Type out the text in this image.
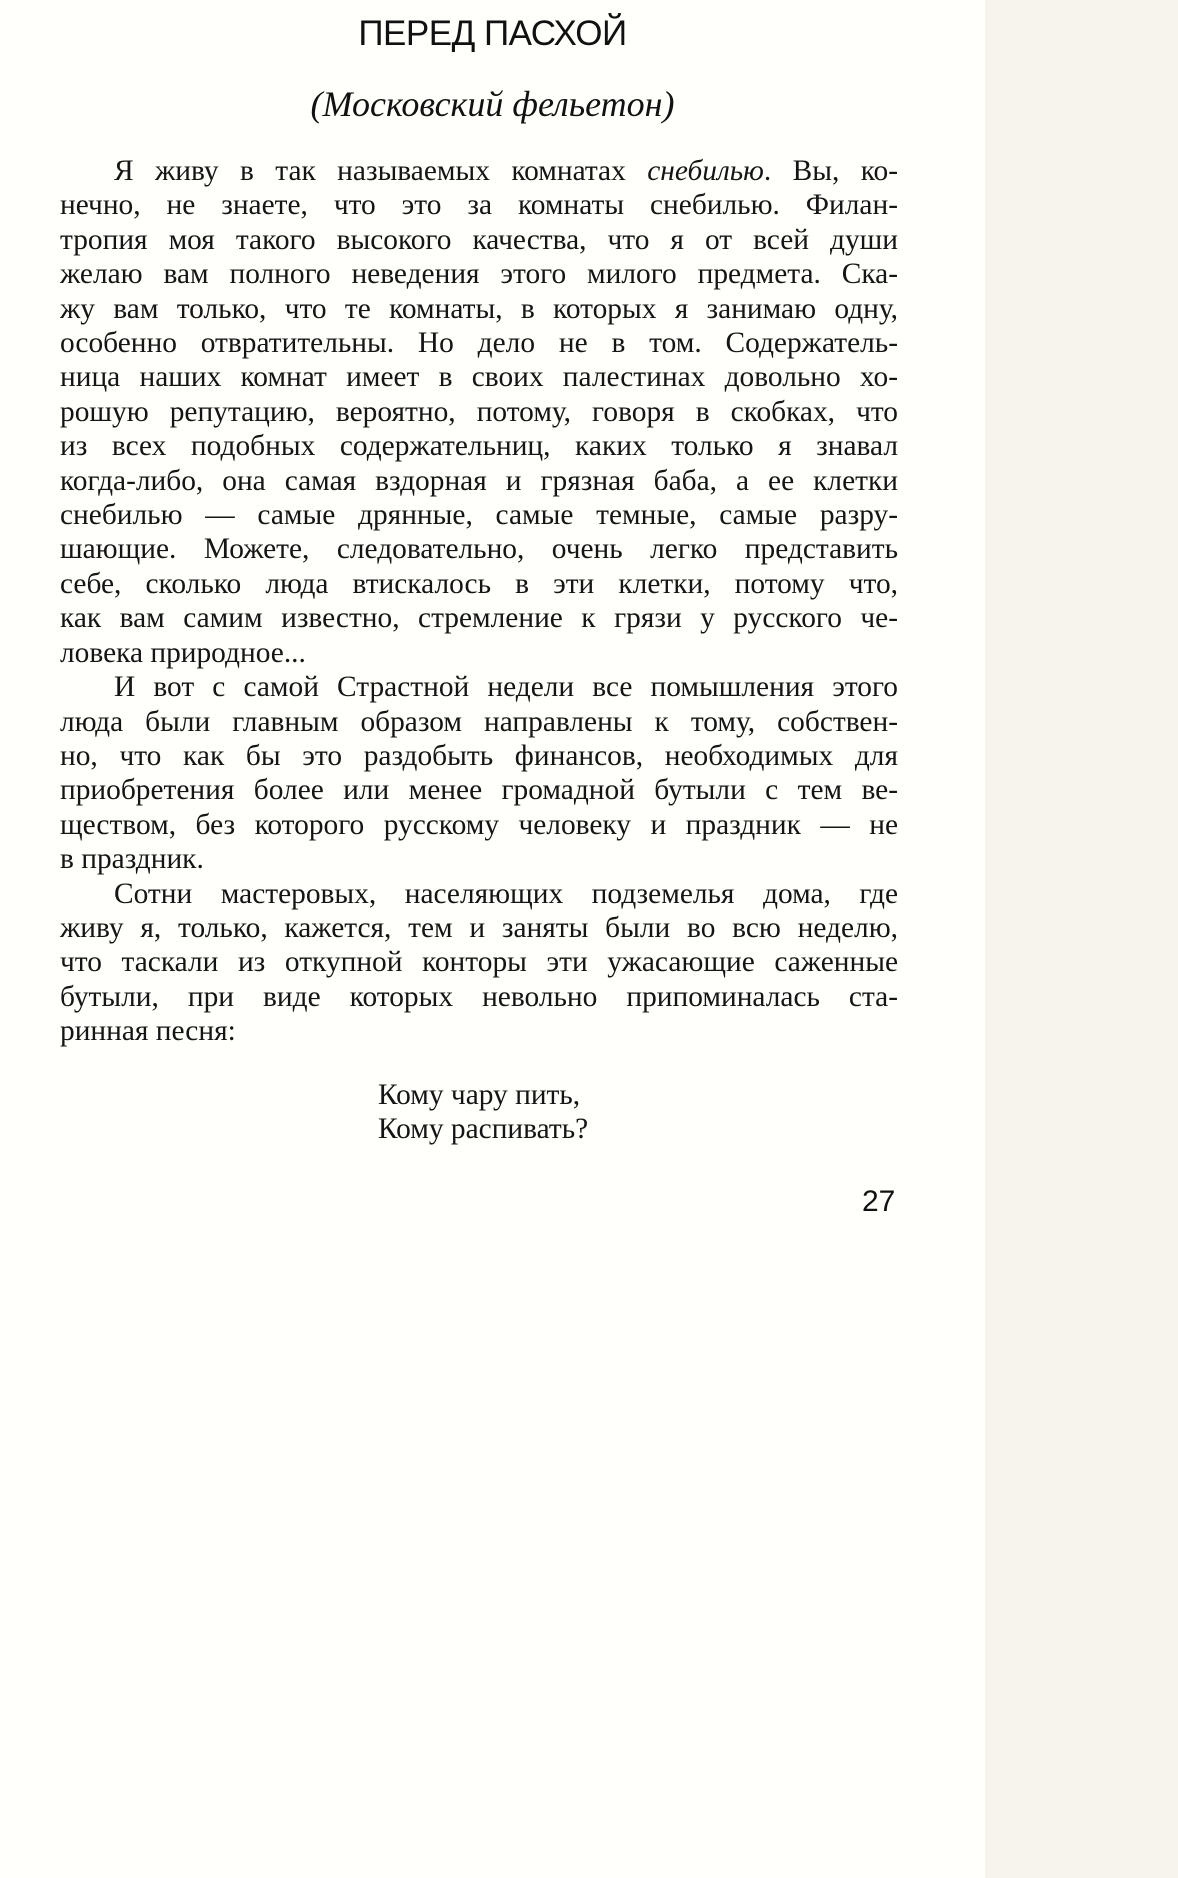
ПЕРЕД ПАСХОЙ
(Московский фельетон)

Я живу в так называемых комнатах снебилью. Вы, ко-
нечно, не знаете, что это за комнаты снебилью. Филан-
тропия моя такого высокого качества, что я от всей души
желаю вам полного неведения этого милого предмета. Ска-
жу вам только, что те комнаты, в которых я занимаю одну,
особенно отвратительны. Но дело не в том. Содержатель-
ница наших комнат имеет в своих палестинах довольно хо-
рошую репутацию, вероятно, потому, говоря в скобках, что
из всех подобных содержательниц, каких только я знавал
когда-либо, она самая вздорная и грязная баба, а ее клетки
снебилью — самые дрянные, самые темные, самые разру-
шающие. Можете, следовательно, очень легко представить
себе, сколько люда втискалось в эти клетки, потому что,
как вам самим известно, стремление к грязи у русского че-
ловека природное...

И вот с самой Страстной недели все помышления этого
люда были главным образом направлены к тому, собствен-
но, что как бы это раздобыть финансов, необходимых для
приобретения более или менее громадной бутыли с тем ве-
ществом, без которого русскому человеку и праздник — не
в праздник.

Сотни мастеровых, населяющих подземелья дома, где
живу я, только, кажется, тем и заняты были во всю неделю,
что таскали из откупной конторы эти ужасающие саженные
бутыли, при виде которых невольно припоминалась ста-
ринная песня:

Кому чару пить,
Кому распивать?
27
